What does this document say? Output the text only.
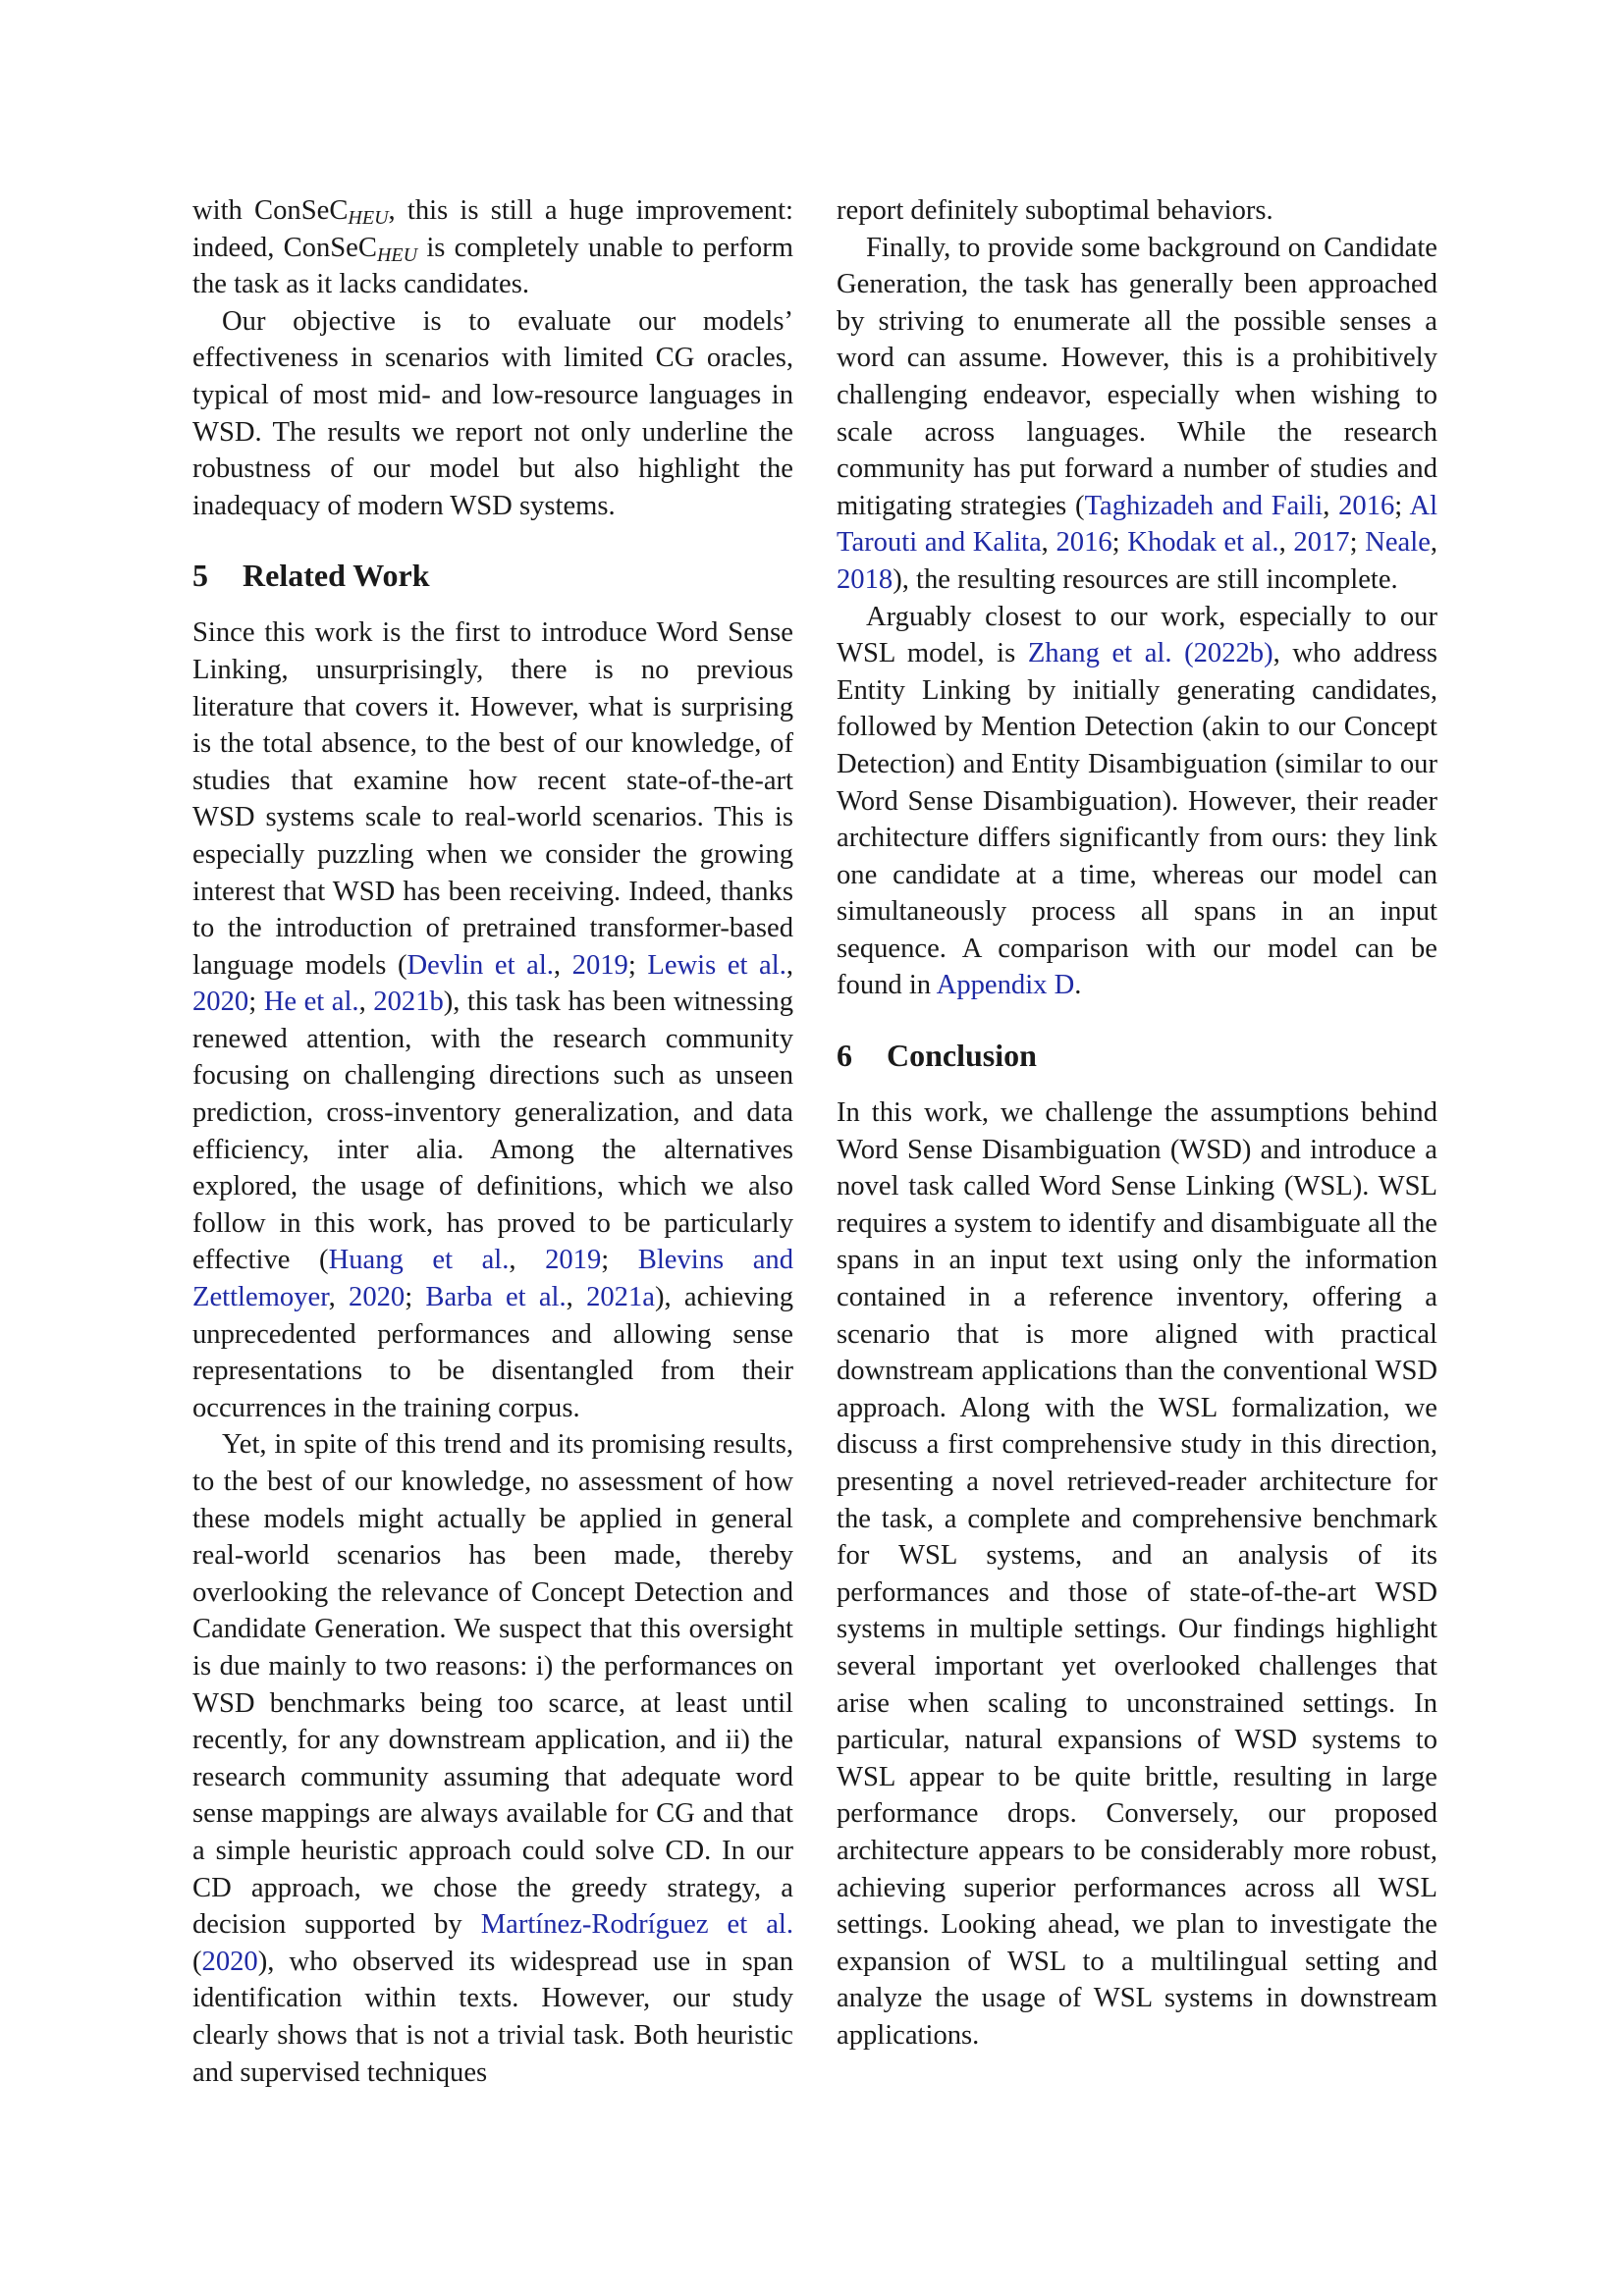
with ConSeC$_{HEU}$, this is still a huge improvement: indeed, ConSeC$_{HEU}$ is completely unable to perform the task as it lacks candidates.

Our objective is to evaluate our models’ effectiveness in scenarios with limited CG oracles, typical of most mid- and low-resource languages in WSD. The results we report not only underline the robustness of our model but also highlight the inadequacy of modern WSD systems.

5 Related Work

Since this work is the first to introduce Word Sense Linking, unsurprisingly, there is no previous literature that covers it. However, what is surprising is the total absence, to the best of our knowledge, of studies that examine how recent state-of-the-art WSD systems scale to real-world scenarios. This is especially puzzling when we consider the growing interest that WSD has been receiving. Indeed, thanks to the introduction of pretrained transformer-based language models (Devlin et al., 2019; Lewis et al., 2020; He et al., 2021b), this task has been witnessing renewed attention, with the research community focusing on challenging directions such as unseen prediction, cross-inventory generalization, and data efficiency, inter alia. Among the alternatives explored, the usage of definitions, which we also follow in this work, has proved to be particularly effective (Huang et al., 2019; Blevins and Zettlemoyer, 2020; Barba et al., 2021a), achieving unprecedented performances and allowing sense representations to be disentangled from their occurrences in the training corpus.

Yet, in spite of this trend and its promising results, to the best of our knowledge, no assessment of how these models might actually be applied in general real-world scenarios has been made, thereby overlooking the relevance of Concept Detection and Candidate Generation. We suspect that this oversight is due mainly to two reasons: i) the performances on WSD benchmarks being too scarce, at least until recently, for any downstream application, and ii) the research community assuming that adequate word sense mappings are always available for CG and that a simple heuristic approach could solve CD. In our CD approach, we chose the greedy strategy, a decision supported by Martínez-Rodríguez et al. (2020), who observed its widespread use in span identification within texts. However, our study clearly shows that is not a trivial task. Both heuristic and supervised techniques

report definitely suboptimal behaviors.

Finally, to provide some background on Candidate Generation, the task has generally been approached by striving to enumerate all the possible senses a word can assume. However, this is a prohibitively challenging endeavor, especially when wishing to scale across languages. While the research community has put forward a number of studies and mitigating strategies (Taghizadeh and Faili, 2016; Al Tarouti and Kalita, 2016; Khodak et al., 2017; Neale, 2018), the resulting resources are still incomplete.

Arguably closest to our work, especially to our WSL model, is Zhang et al. (2022b), who address Entity Linking by initially generating candidates, followed by Mention Detection (akin to our Concept Detection) and Entity Disambiguation (similar to our Word Sense Disambiguation). However, their reader architecture differs significantly from ours: they link one candidate at a time, whereas our model can simultaneously process all spans in an input sequence. A comparison with our model can be found in Appendix D.

6 Conclusion

In this work, we challenge the assumptions behind Word Sense Disambiguation (WSD) and introduce a novel task called Word Sense Linking (WSL). WSL requires a system to identify and disambiguate all the spans in an input text using only the information contained in a reference inventory, offering a scenario that is more aligned with practical downstream applications than the conventional WSD approach. Along with the WSL formalization, we discuss a first comprehensive study in this direction, presenting a novel retrieved-reader architecture for the task, a complete and comprehensive benchmark for WSL systems, and an analysis of its performances and those of state-of-the-art WSD systems in multiple settings. Our findings highlight several important yet overlooked challenges that arise when scaling to unconstrained settings. In particular, natural expansions of WSD systems to WSL appear to be quite brittle, resulting in large performance drops. Conversely, our proposed architecture appears to be considerably more robust, achieving superior performances across all WSL settings. Looking ahead, we plan to investigate the expansion of WSL to a multilingual setting and analyze the usage of WSL systems in downstream applications.
